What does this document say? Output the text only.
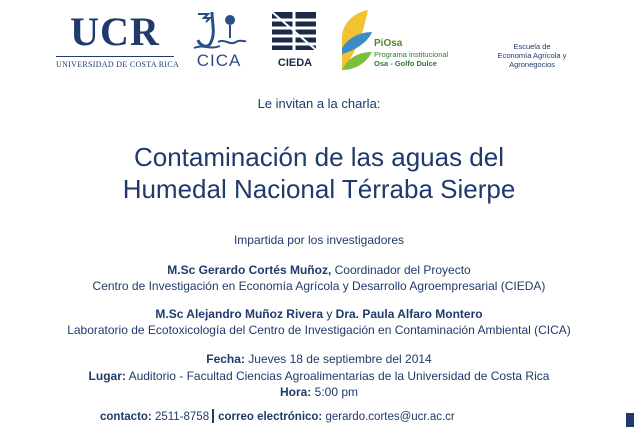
UCR
UNIVERSIDAD DE COSTA RICA	CICA	CIEDA
PiOsa
Programa institucional
Osa - Golfo Dulce
Escuela de
Economía Agrícola y
Agronegocios
Le invitan a la charla:
Contaminación de las aguas del
Humedal Nacional Térraba Sierpe
Impartida por los investigadores
M.Sc Gerardo Cortés Muñoz, Coordinador del Proyecto
Centro de Investigación en Economía Agrícola y Desarrollo Agroempresarial (CIEDA)
M.Sc Alejandro Muñoz Rivera y Dra. Paula Alfaro Montero
Laboratorio de Ecotoxicología del Centro de Investigación en Contaminación Ambiental (CICA)
Fecha: Jueves 18 de septiembre del 2014
Lugar: Auditorio - Facultad Ciencias Agroalimentarias de la Universidad de Costa Rica
Hora: 5:00 pm
contacto: 2511-8758 correo electrónico: gerardo.cortes@ucr.ac.cr
